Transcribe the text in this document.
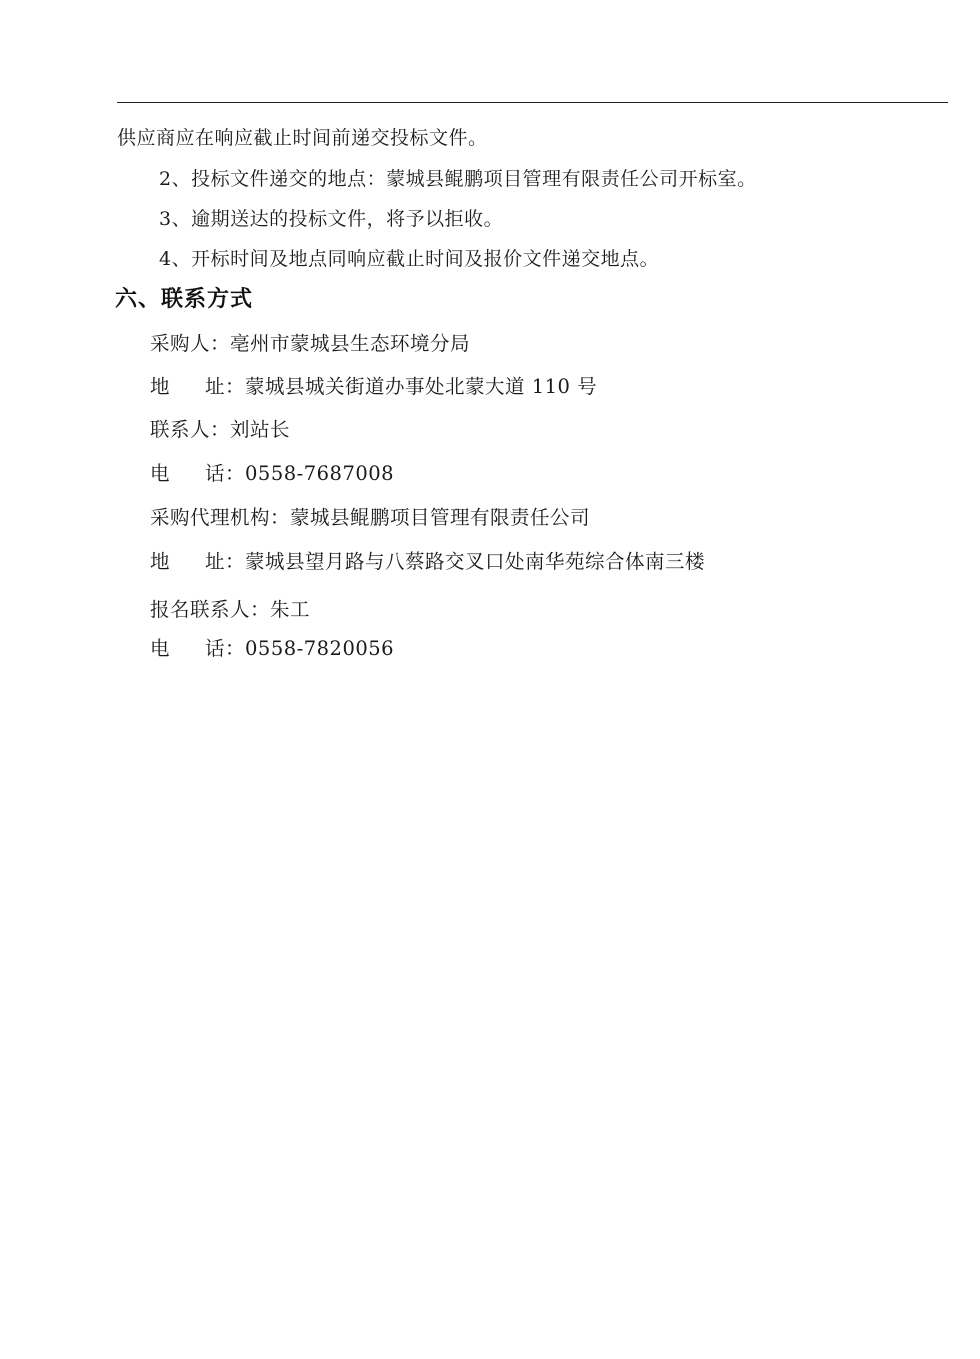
供应商应在响应截止时间前递交投标文件。
2、投标文件递交的地点：蒙城县鲲鹏项目管理有限责任公司开标室。
3、逾期送达的投标文件，将予以拒收。
4、开标时间及地点同响应截止时间及报价文件递交地点。
六、联系方式
采购人：亳州市蒙城县生态环境分局
地 址：蒙城县城关街道办事处北蒙大道 110 号
联系人：刘站长
电 话：0558-7687008
采购代理机构：蒙城县鲲鹏项目管理有限责任公司
地 址：蒙城县望月路与八蔡路交叉口处南华苑综合体南三楼
报名联系人：朱工
电 话：0558-7820056
